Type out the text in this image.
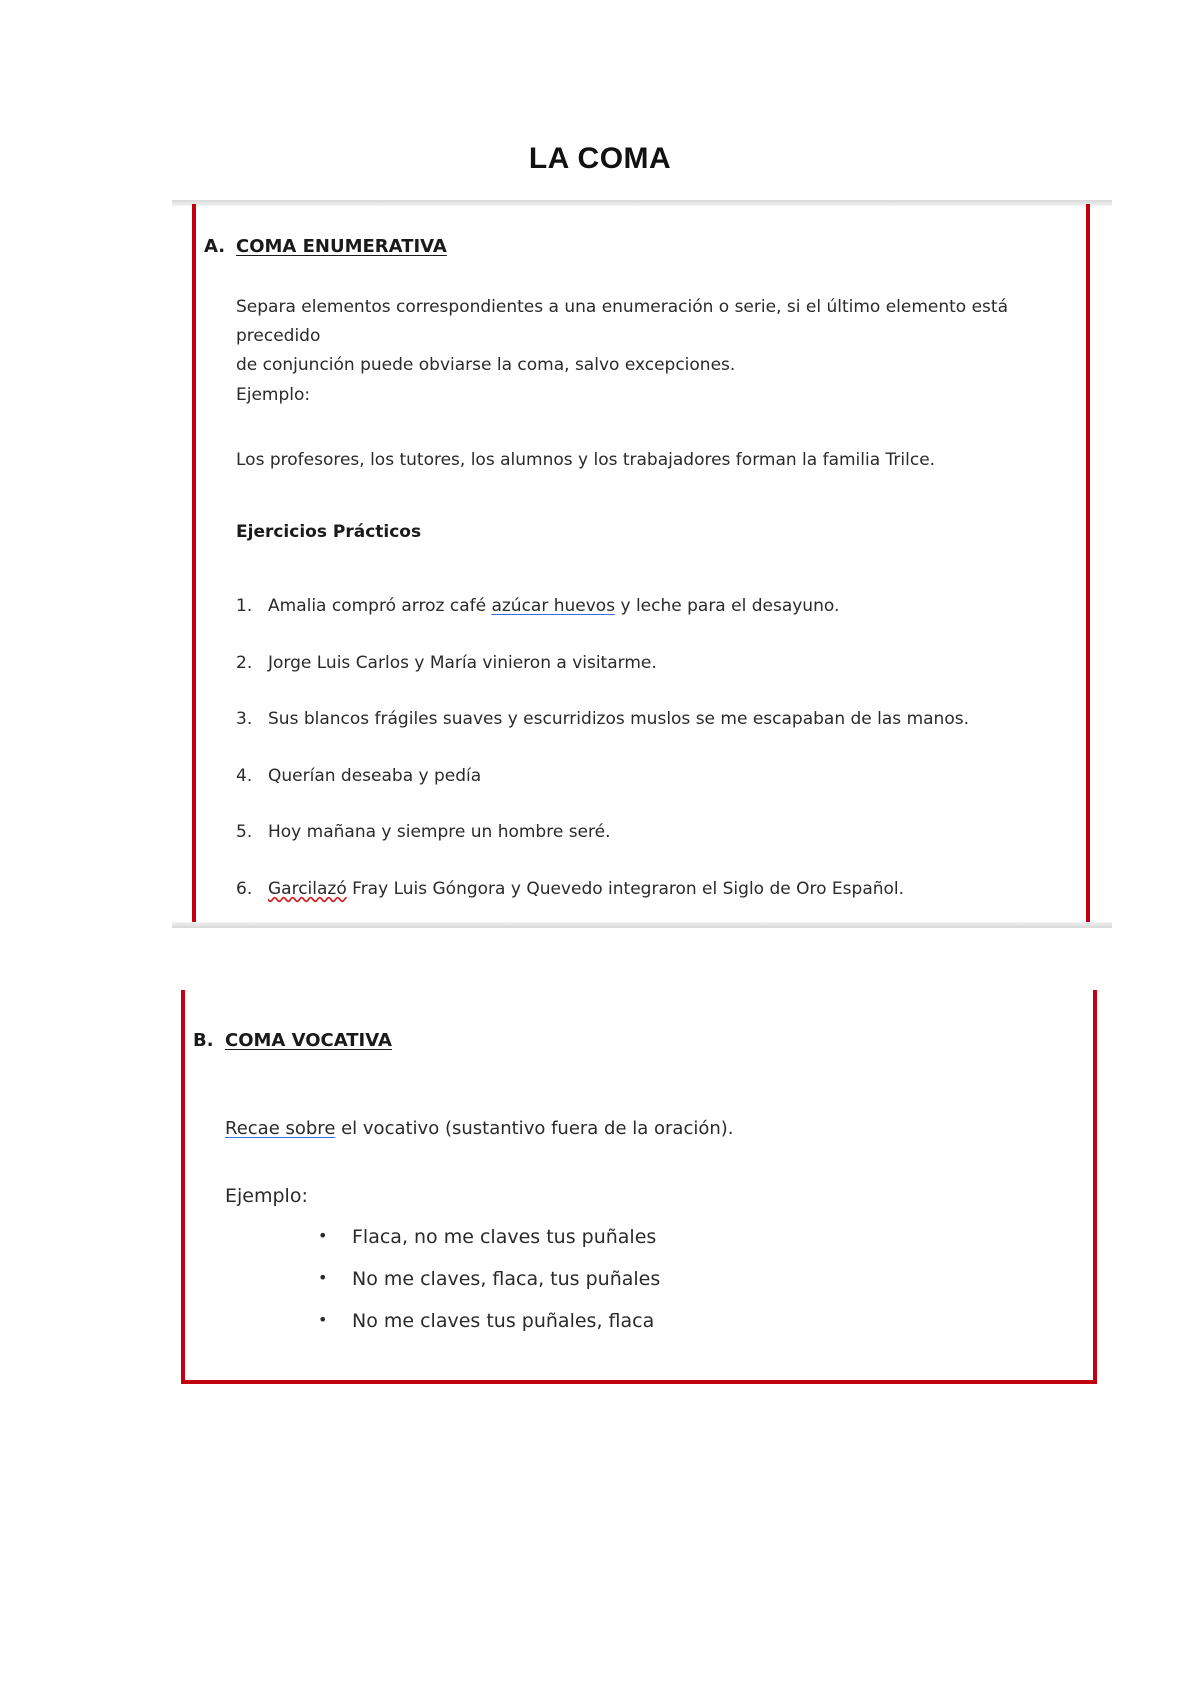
LA COMA
A. COMA ENUMERATIVA
Separa elementos correspondientes a una enumeración o serie, si el último elemento está precedido
de conjunción puede obviarse la coma, salvo excepciones.
Ejemplo:
Los profesores, los tutores, los alumnos y los trabajadores forman la familia Trilce.
Ejercicios Prácticos
1. Amalia compró arroz café azúcar huevos y leche para el desayuno.
2. Jorge Luis Carlos y María vinieron a visitarme.
3. Sus blancos frágiles suaves y escurridizos muslos se me escapaban de las manos.
4. Querían deseaba y pedía
5. Hoy mañana y siempre un hombre seré.
6. Garcilazó Fray Luis Góngora y Quevedo integraron el Siglo de Oro Español.
B. COMA VOCATIVA
Recae sobre el vocativo (sustantivo fuera de la oración).
Ejemplo:
•	Flaca, no me claves tus puñales
•	No me claves, flaca, tus puñales
•	No me claves tus puñales, flaca
